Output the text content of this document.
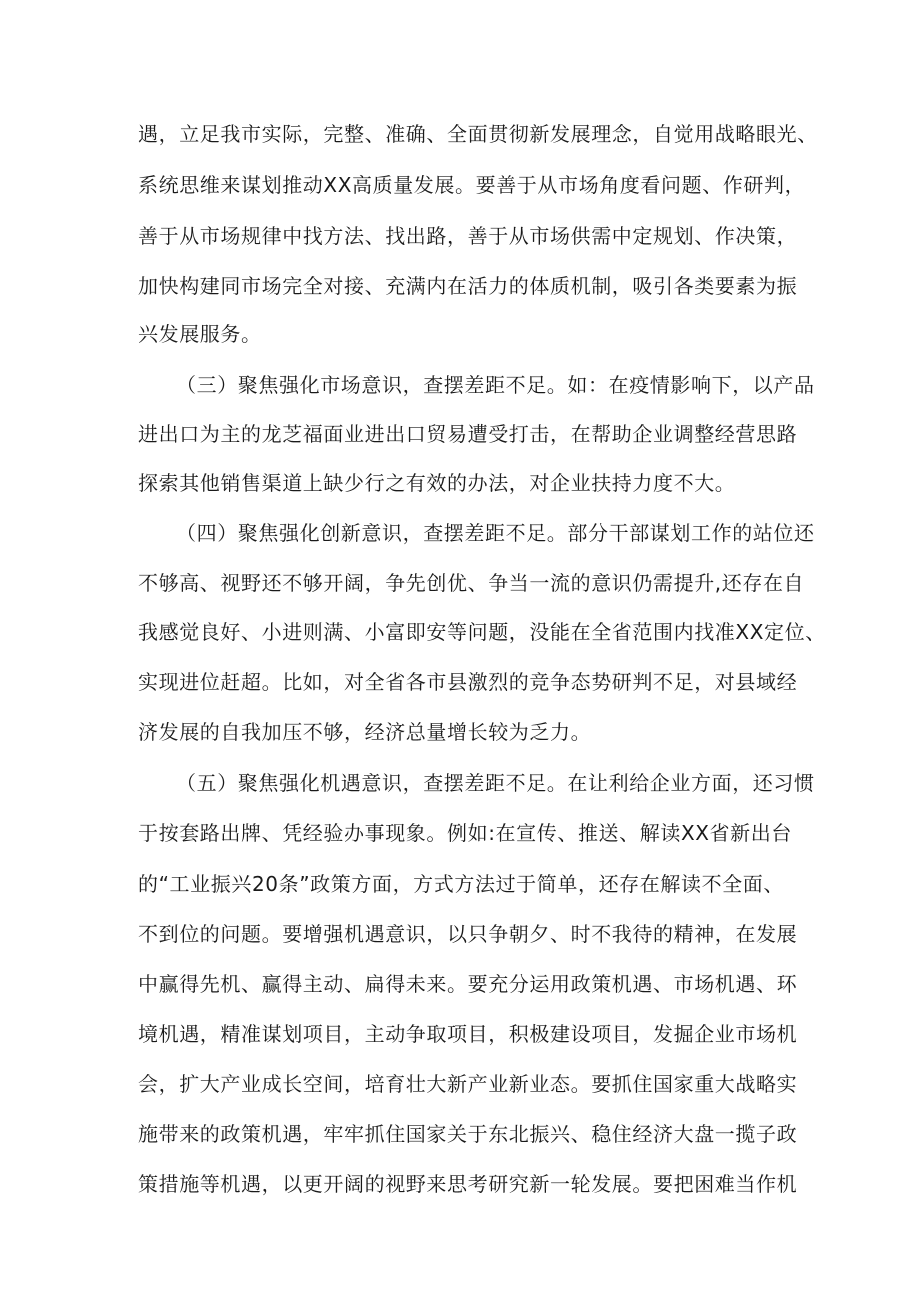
遇，立足我市实际，完整、准确、全面贯彻新发展理念，自觉用战略眼光、
系统思维来谋划推动XX高质量发展。要善于从市场角度看问题、作研判，
善于从市场规律中找方法、找出路，善于从市场供需中定规划、作决策，
加快构建同市场完全对接、充满内在活力的体质机制，吸引各类要素为振
兴发展服务。
（三）聚焦强化市场意识，查摆差距不足。如：在疫情影响下，以产品
进出口为主的龙芝福面业进出口贸易遭受打击，在帮助企业调整经营思路
探索其他销售渠道上缺少行之有效的办法，对企业扶持力度不大。
（四）聚焦强化创新意识，查摆差距不足。部分干部谋划工作的站位还
不够高、视野还不够开阔，争先创优、争当一流的意识仍需提升,还存在自
我感觉良好、小进则满、小富即安等问题，没能在全省范围内找准XX定位、
实现进位赶超。比如，对全省各市县激烈的竞争态势研判不足，对县域经
济发展的自我加压不够，经济总量增长较为乏力。
（五）聚焦强化机遇意识，查摆差距不足。在让利给企业方面，还习惯
于按套路出牌、凭经验办事现象。例如:在宣传、推送、解读XX省新出台
的“工业振兴20条”政策方面，方式方法过于简单，还存在解读不全面、
不到位的问题。要增强机遇意识，以只争朝夕、时不我待的精神，在发展
中赢得先机、赢得主动、扁得未来。要充分运用政策机遇、市场机遇、环
境机遇，精准谋划项目，主动争取项目，积极建设项目，发掘企业市场机
会，扩大产业成长空间，培育壮大新产业新业态。要抓住国家重大战略实
施带来的政策机遇，牢牢抓住国家关于东北振兴、稳住经济大盘一揽子政
策措施等机遇，以更开阔的视野来思考研究新一轮发展。要把困难当作机
